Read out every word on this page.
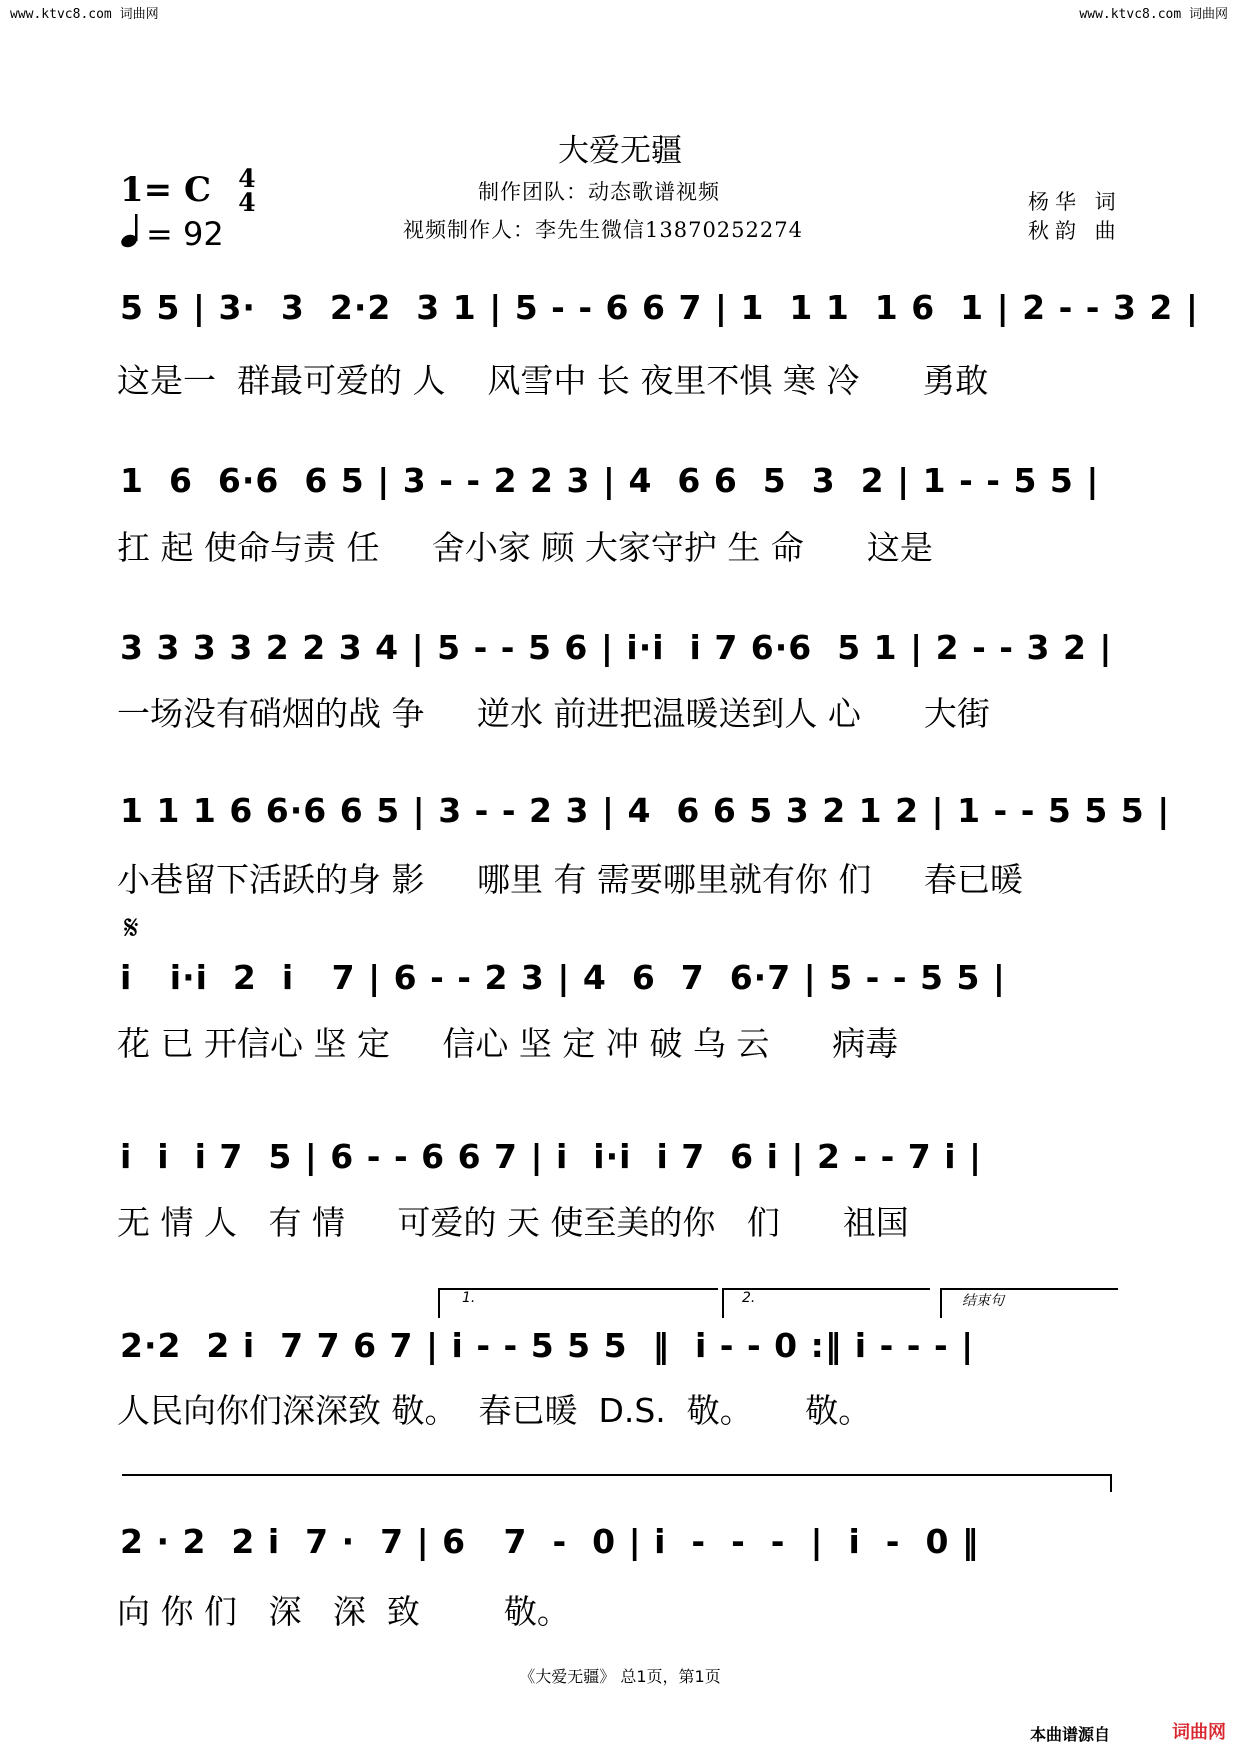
www.ktvc8.com 词曲网	www.ktvc8.com 词曲网
大爱无疆
制作团队：动态歌谱视频
视频制作人：李先生微信13870252274
1= C 4
4
= 92
杨华 词
秋韵 曲
5 5 | 3·  3  2·2  3 1 | 5 - - 6 6 7 | 1  1 1  1 6  1 | 2 - - 3 2 |
这是一  群最可爱的 人    风雪中 长 夜里不惧 寒 冷      勇敢
1  6  6·6  6 5 | 3 - - 2 2 3 | 4  6 6  5  3  2 | 1 - - 5 5 |
扛 起 使命与责 任     舍小家 顾 大家守护 生 命      这是
3 3 3 3 2 2 3 4 | 5 - - 5 6 | i·i  i 7 6·6  5 1 | 2 - - 3 2 |
一场没有硝烟的战 争     逆水 前进把温暖送到人 心      大街
1 1 1 6 6·6 6 5 | 3 - - 2 3 | 4  6 6 5 3 2 1 2 | 1 - - 5 5 5 |
小巷留下活跃的身 影     哪里 有 需要哪里就有你 们     春已暖
𝄋
i   i·i  2  i   7 | 6 - - 2 3 | 4  6  7  6·7 | 5 - - 5 5 |
花 已 开信心 坚 定     信心 坚 定 冲 破 乌 云      病毒
i  i  i 7  5 | 6 - - 6 6 7 | i  i·i  i 7  6 i | 2 - - 7 i |
无 情 人   有 情     可爱的 天 使至美的你   们      祖国
1.	2.	结束句
2·2  2 i  7 7 6 7 | i - - 5 5 5  ‖  i - - 0 :‖ i - - - |
人民向你们深深致 敬。  春已暖  D.S.  敬。     敬。
2 · 2  2 i  7 ·  7 | 6   7  -  0 | i  -  -  -  |  i  -  0 ‖
向 你 们   深   深  致        敬。
《大爱无疆》 总1页，第1页
本曲谱源自	词曲网
